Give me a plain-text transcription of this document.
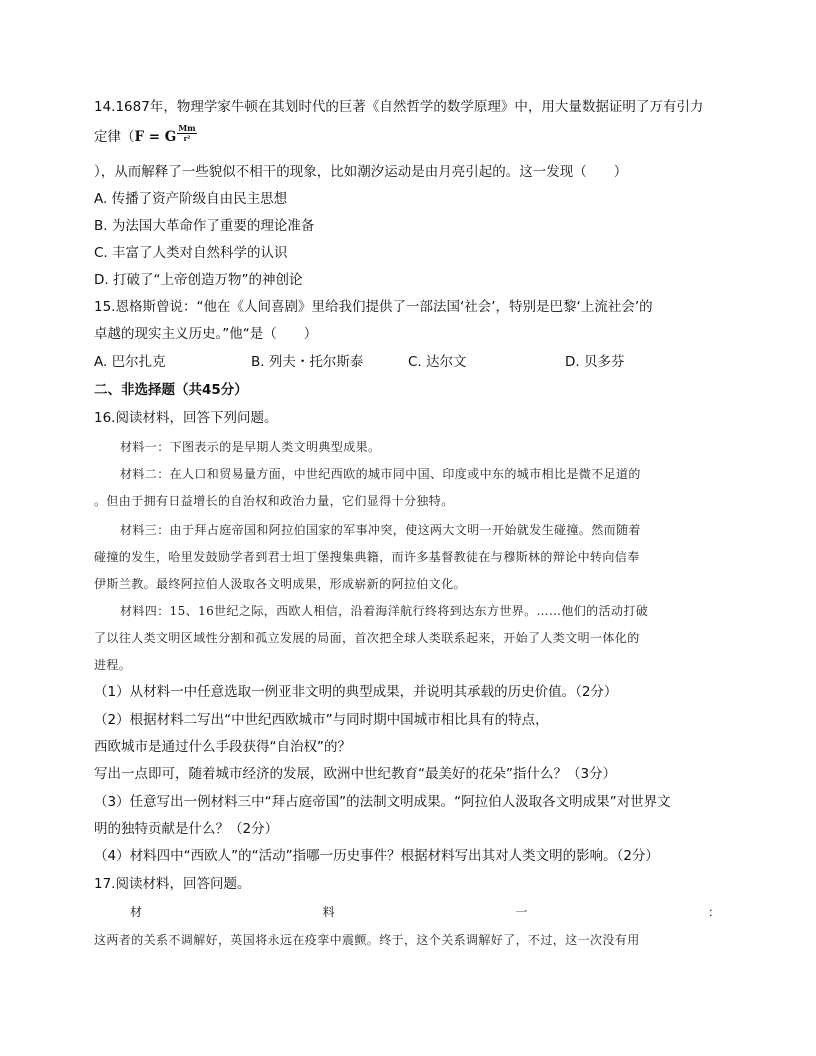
14.1687年，物理学家牛顿在其划时代的巨著《自然哲学的数学原理》中，用大量数据证明了万有引力
定律（ F = G $\frac{Mm}{\text{r²}}$
），从而解释了一些貌似不相干的现象，比如潮汐运动是由月亮引起的。这一发现（　　）
A. 传播了资产阶级自由民主思想
B. 为法国大革命作了重要的理论准备
C. 丰富了人类对自然科学的认识
D. 打破了“上帝创造万物”的神创论
15.恩格斯曾说：“他在《人间喜剧》里给我们提供了一部法国‘社会’，特别是巴黎‘上流社会’的
卓越的现实主义历史。”他“是（　　）
A. 巴尔扎克	B. 列夫・托尔斯泰	C. 达尔文	D. 贝多芬
二、非选择题（共45分）
16.阅读材料，回答下列问题。
材料一：下图表示的是早期人类文明典型成果。
材料二：在人口和贸易量方面，中世纪西欧的城市同中国、印度或中东的城市相比是微不足道的
。但由于拥有日益增长的自治权和政治力量，它们显得十分独特。
材料三：由于拜占庭帝国和阿拉伯国家的军事冲突，使这两大文明一开始就发生碰撞。然而随着
碰撞的发生，哈里发鼓励学者到君士坦丁堡搜集典籍，而许多基督教徒在与穆斯林的辩论中转向信奉
伊斯兰教。最终阿拉伯人汲取各文明成果，形成崭新的阿拉伯文化。
材料四：15、16世纪之际，西欧人相信，沿着海洋航行终将到达东方世界。……他们的活动打破
了以往人类文明区域性分割和孤立发展的局面，首次把全球人类联系起来，开始了人类文明一体化的
进程。
（1）从材料一中任意选取一例亚非文明的典型成果，并说明其承载的历史价值。（2分）
（2）根据材料二写出“中世纪西欧城市”与同时期中国城市相比具有的特点，
西欧城市是通过什么手段获得“自治权”的？
写出一点即可，随着城市经济的发展，欧洲中世纪教育“最美好的花朵”指什么？（3分）
（3）任意写出一例材料三中“拜占庭帝国”的法制文明成果。“阿拉伯人汲取各文明成果”对世界文
明的独特贡献是什么？（2分）
（4）材料四中“西欧人”的“活动”指哪一历史事件？根据材料写出其对人类文明的影响。（2分）
17.阅读材料，回答问题。
材	料	一	：
这两者的关系不调解好，英国将永远在疫挛中震颤。终于，这个关系调解好了，不过，这一次没有用
